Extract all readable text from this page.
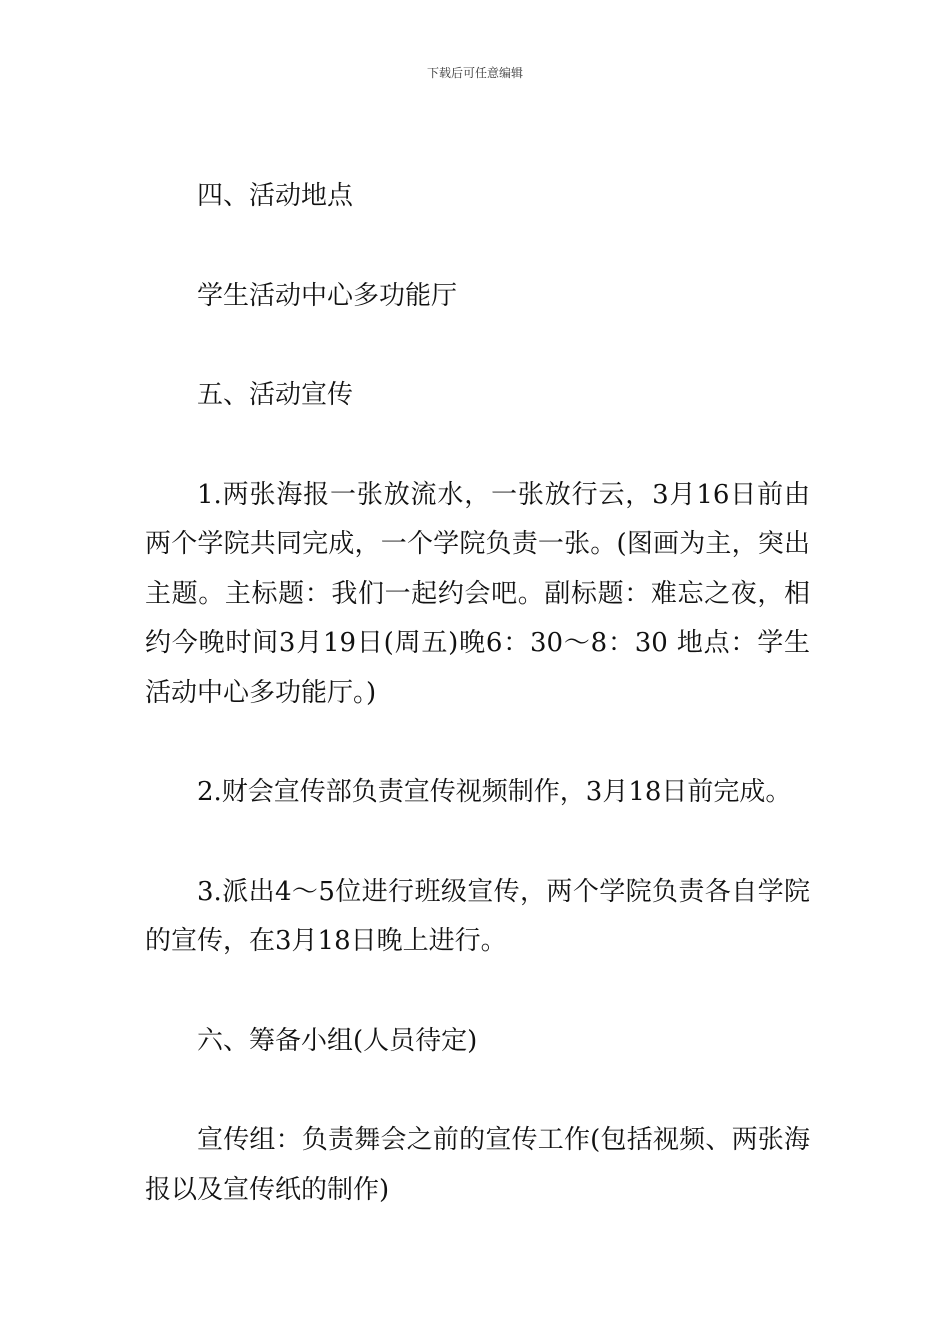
下载后可任意编辑

四、活动地点

学生活动中心多功能厅

五、活动宣传

1.两张海报一张放流水，一张放行云，3月16日前由两个学院共同完成，一个学院负责一张。(图画为主，突出主题。主标题：我们一起约会吧。副标题：难忘之夜，相约今晚时间3月19日(周五)晚6：30～8：30 地点：学生活动中心多功能厅。)

2.财会宣传部负责宣传视频制作，3月18日前完成。

3.派出4～5位进行班级宣传，两个学院负责各自学院的宣传，在3月18日晚上进行。

六、筹备小组(人员待定)

宣传组：负责舞会之前的宣传工作(包括视频、两张海报以及宣传纸的制作)
